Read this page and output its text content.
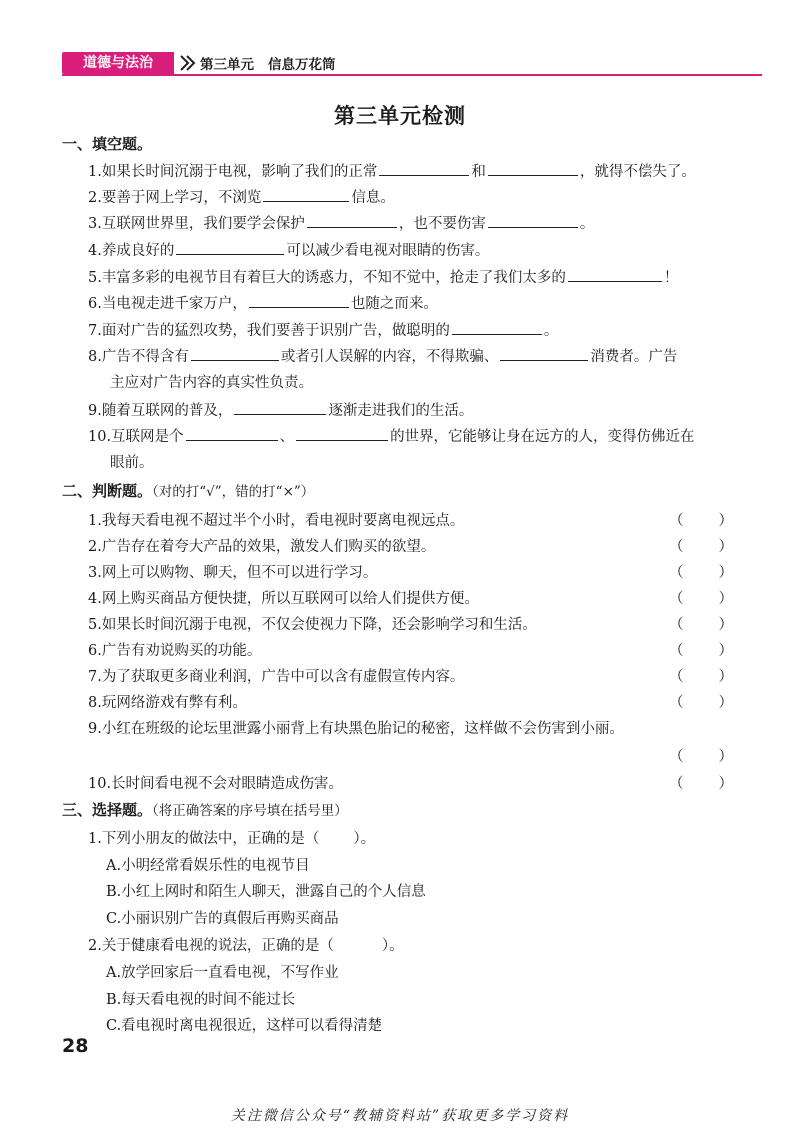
道德与法治	第三单元 信息万花筒
第三单元检测
一、填空题。
1.如果长时间沉溺于电视，影响了我们的正常	和	，就得不偿失了。
2.要善于网上学习，不浏览	信息。
3.互联网世界里，我们要学会保护	，也不要伤害	。
4.养成良好的	可以减少看电视对眼睛的伤害。
5.丰富多彩的电视节目有着巨大的诱惑力，不知不觉中，抢走了我们太多的	！
6.当电视走进千家万户，	也随之而来。
7.面对广告的猛烈攻势，我们要善于识别广告，做聪明的	。
8.广告不得含有	或者引人误解的内容，不得欺骗、	消费者。广告
主应对广告内容的真实性负责。
9.随着互联网的普及，	逐渐走进我们的生活。
10.互联网是个	、	的世界，它能够让身在远方的人，变得仿佛近在
眼前。
二、判断题。（对的打“√”，错的打“×”）
1.我每天看电视不超过半个小时，看电视时要离电视远点。	（ ）
2.广告存在着夸大产品的效果，激发人们购买的欲望。	（ ）
3.网上可以购物、聊天，但不可以进行学习。	（ ）
4.网上购买商品方便快捷，所以互联网可以给人们提供方便。	（ ）
5.如果长时间沉溺于电视，不仅会使视力下降，还会影响学习和生活。	（ ）
6.广告有劝说购买的功能。	（ ）
7.为了获取更多商业利润，广告中可以含有虚假宣传内容。	（ ）
8.玩网络游戏有弊有利。	（ ）
9.小红在班级的论坛里泄露小丽背上有块黑色胎记的秘密，这样做不会伤害到小丽。
（ ）
10.长时间看电视不会对眼睛造成伤害。	（ ）
三、选择题。（将正确答案的序号填在括号里）
1.下列小朋友的做法中，正确的是（ ）。
A.小明经常看娱乐性的电视节目
B.小红上网时和陌生人聊天，泄露自己的个人信息
C.小丽识别广告的真假后再购买商品
2.关于健康看电视的说法，正确的是（	）。
A.放学回家后一直看电视，不写作业
B.每天看电视的时间不能过长
C.看电视时离电视很近，这样可以看得清楚
28
关注微信公众号“教辅资料站”获取更多学习资料
